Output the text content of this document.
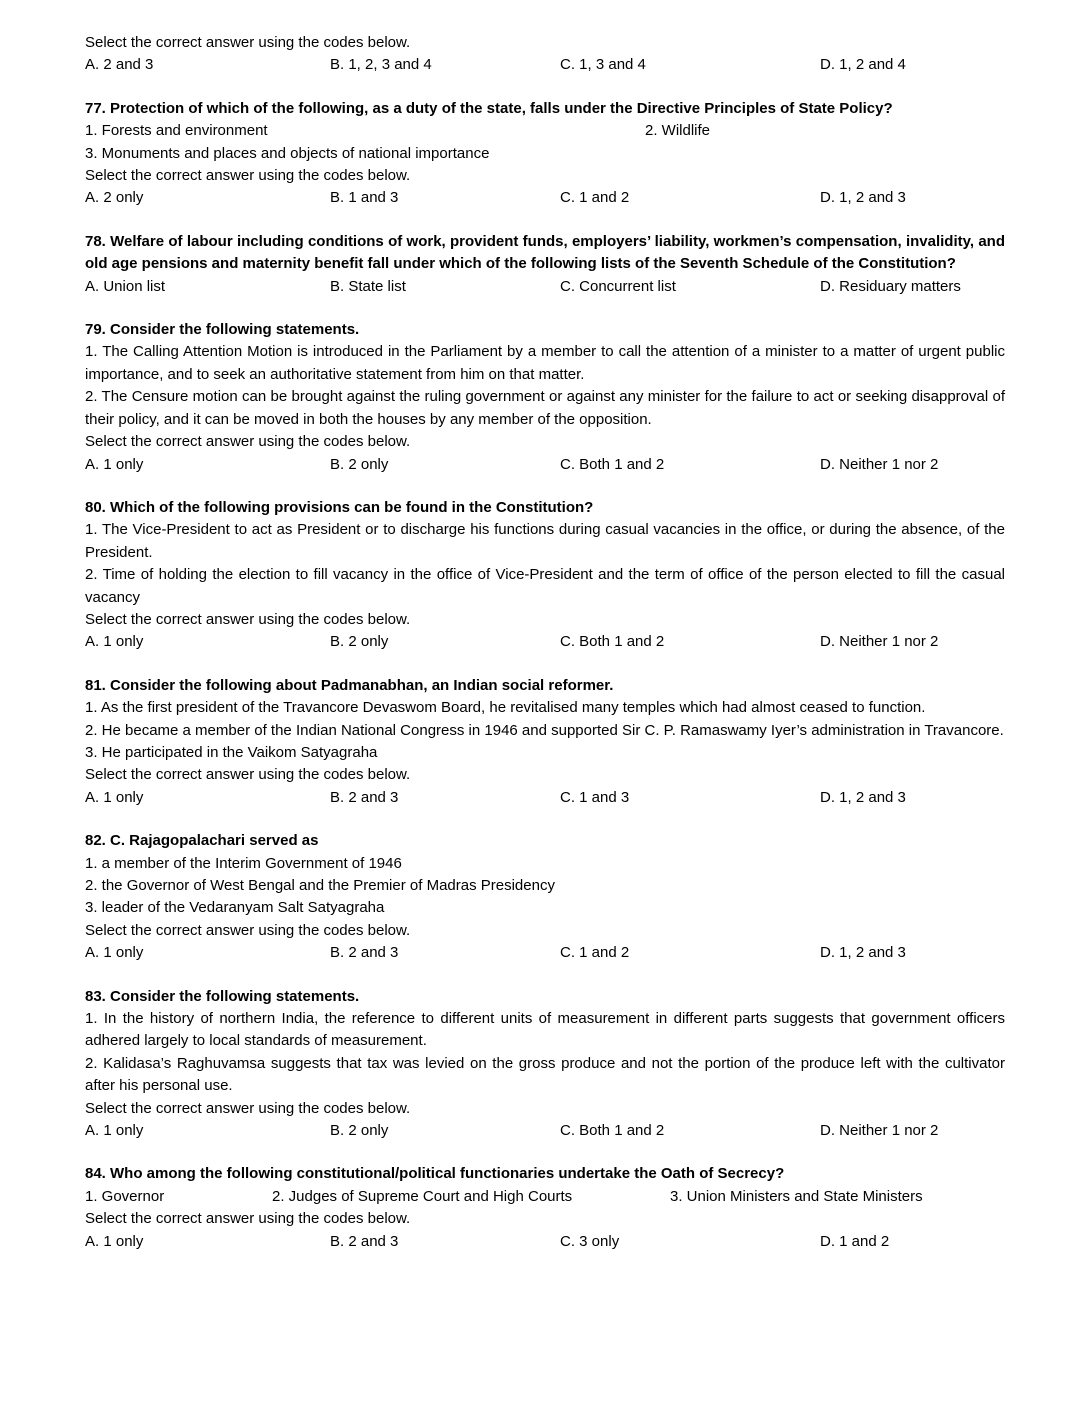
Select the correct answer using the codes below.
A. 2 and 3	B. 1, 2, 3 and 4	C. 1, 3 and 4	D. 1, 2 and 4
77. Protection of which of the following, as a duty of the state, falls under the Directive Principles of State Policy?
1. Forests and environment	2. Wildlife
3. Monuments and places and objects of national importance
Select the correct answer using the codes below.
A. 2 only	B. 1 and 3	C. 1 and 2	D. 1, 2 and 3
78. Welfare of labour including conditions of work, provident funds, employers’ liability, workmen’s compensation, invalidity, and old age pensions and maternity benefit fall under which of the following lists of the Seventh Schedule of the Constitution?
A. Union list	B. State list	C. Concurrent list	D. Residuary matters
79. Consider the following statements.
1. The Calling Attention Motion is introduced in the Parliament by a member to call the attention of a minister to a matter of urgent public importance, and to seek an authoritative statement from him on that matter.
2. The Censure motion can be brought against the ruling government or against any minister for the failure to act or seeking disapproval of their policy, and it can be moved in both the houses by any member of the opposition.
Select the correct answer using the codes below.
A. 1 only	B. 2 only	C. Both 1 and 2	D. Neither 1 nor 2
80. Which of the following provisions can be found in the Constitution?
1. The Vice-President to act as President or to discharge his functions during casual vacancies in the office, or during the absence, of the President.
2. Time of holding the election to fill vacancy in the office of Vice-President and the term of office of the person elected to fill the casual vacancy
Select the correct answer using the codes below.
A. 1 only	B. 2 only	C. Both 1 and 2	D. Neither 1 nor 2
81. Consider the following about Padmanabhan, an Indian social reformer.
1. As the first president of the Travancore Devaswom Board, he revitalised many temples which had almost ceased to function.
2. He became a member of the Indian National Congress in 1946 and supported Sir C. P. Ramaswamy Iyer’s administration in Travancore.
3. He participated in the Vaikom Satyagraha
Select the correct answer using the codes below.
A. 1 only	B. 2 and 3	C. 1 and 3	D. 1, 2 and 3
82. C. Rajagopalachari served as
1. a member of the Interim Government of 1946
2. the Governor of West Bengal and the Premier of Madras Presidency
3. leader of the Vedaranyam Salt Satyagraha
Select the correct answer using the codes below.
A. 1 only	B. 2 and 3	C. 1 and 2	D. 1, 2 and 3
83. Consider the following statements.
1. In the history of northern India, the reference to different units of measurement in different parts suggests that government officers adhered largely to local standards of measurement.
2. Kalidasa’s Raghuvamsa suggests that tax was levied on the gross produce and not the portion of the produce left with the cultivator after his personal use.
Select the correct answer using the codes below.
A. 1 only	B. 2 only	C. Both 1 and 2	D. Neither 1 nor 2
84. Who among the following constitutional/political functionaries undertake the Oath of Secrecy?
1. Governor	2. Judges of Supreme Court and High Courts	3. Union Ministers and State Ministers
Select the correct answer using the codes below.
A. 1 only	B. 2 and 3	C. 3 only	D. 1 and 2
